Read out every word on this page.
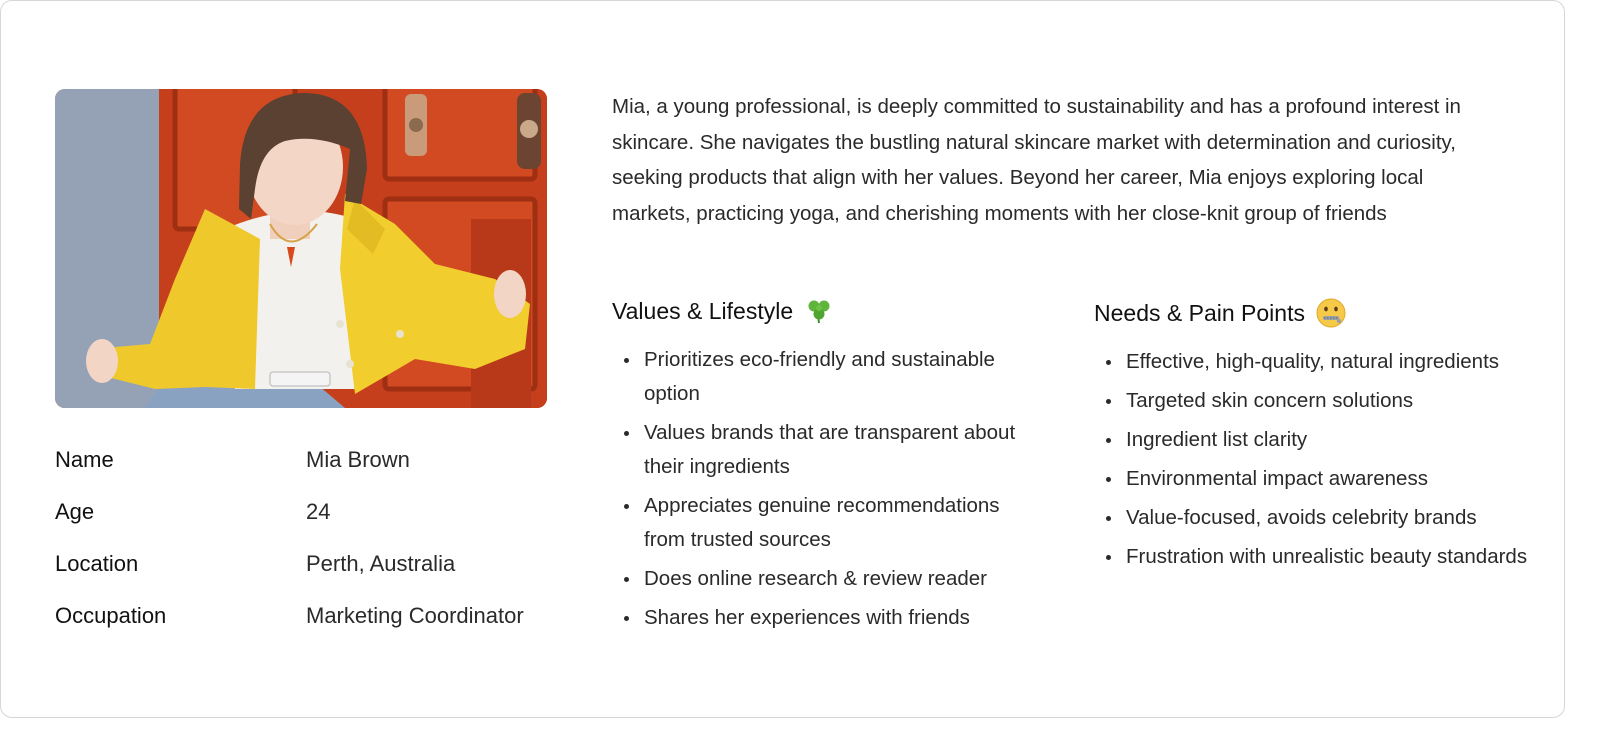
Name	Mia Brown
Age	24
Location	Perth, Australia
Occupation	Marketing Coordinator

Mia, a young professional, is deeply committed to sustainability and has a profound interest in skincare. She navigates the bustling natural skincare market with determination and curiosity, seeking products that align with her values. Beyond her career, Mia enjoys exploring local markets, practicing yoga, and cherishing moments with her close-knit group of friends

Values & Lifestyle
Prioritizes eco-friendly and sustainable option
Values brands that are transparent about their ingredients
Appreciates genuine recommendations from trusted sources
Does online research & review reader
Shares her experiences with friends
Needs & Pain Points
Effective, high-quality, natural ingredients
Targeted skin concern solutions
Ingredient list clarity
Environmental impact awareness
Value-focused, avoids celebrity brands
Frustration with unrealistic beauty standards
